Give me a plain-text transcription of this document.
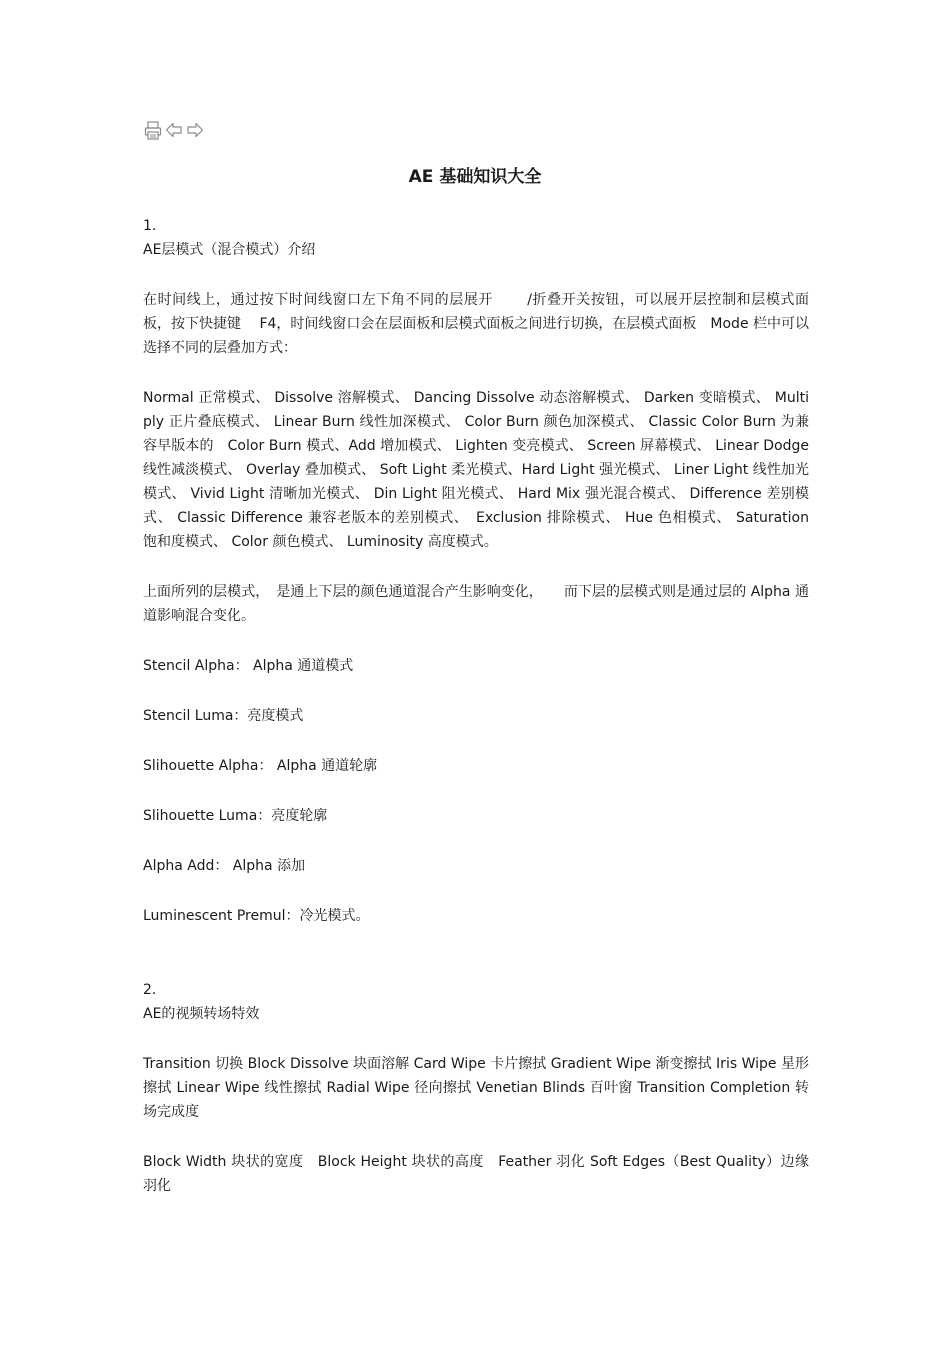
AE 基础知识大全

1.

AE层模式（混合模式）介绍

在时间线上，通过按下时间线窗口左下角不同的层展开　　 /折叠开关按钮，可以展开层控制和层模式面板，按下快捷键　 F4，时间线窗口会在层面板和层模式面板之间进行切换，在层模式面板　Mode 栏中可以选择不同的层叠加方式：

Normal 正常模式、 Dissolve 溶解模式、 Dancing Dissolve 动态溶解模式、 Darken 变暗模式、 Multiply 正片叠底模式、 Linear Burn 线性加深模式、 Color Burn 颜色加深模式、 Classic Color Burn 为兼容早版本的　Color Burn 模式、Add 增加模式、 Lighten 变亮模式、 Screen 屏幕模式、 Linear Dodge 线性减淡模式、 Overlay 叠加模式、 Soft Light 柔光模式、Hard Light 强光模式、 Liner Light 线性加光模式、 Vivid Light 清晰加光模式、 Din Light 阻光模式、 Hard Mix 强光混合模式、 Difference 差别模式、 Classic Difference 兼容老版本的差别模式、　Exclusion 排除模式、 Hue 色相模式、 Saturation 饱和度模式、 Color 颜色模式、 Luminosity 高度模式。

上面所列的层模式，　是通上下层的颜色通道混合产生影响变化，　　而下层的层模式则是通过层的 Alpha 通道影响混合变化。

Stencil Alpha： Alpha 通道模式

Stencil Luma：亮度模式

Slihouette Alpha： Alpha 通道轮廓

Slihouette Luma：亮度轮廓

Alpha Add： Alpha 添加

Luminescent Premul：冷光模式。

2.

AE的视频转场特效

Transition 切换 Block Dissolve 块面溶解 Card Wipe 卡片擦拭 Gradient Wipe 渐变擦拭 Iris Wipe 星形擦拭 Linear Wipe 线性擦拭 Radial Wipe 径向擦拭 Venetian Blinds 百叶窗 Transition Completion 转场完成度

Block Width 块状的宽度　Block Height 块状的高度　Feather 羽化 Soft Edges（Best Quality）边缘羽化
